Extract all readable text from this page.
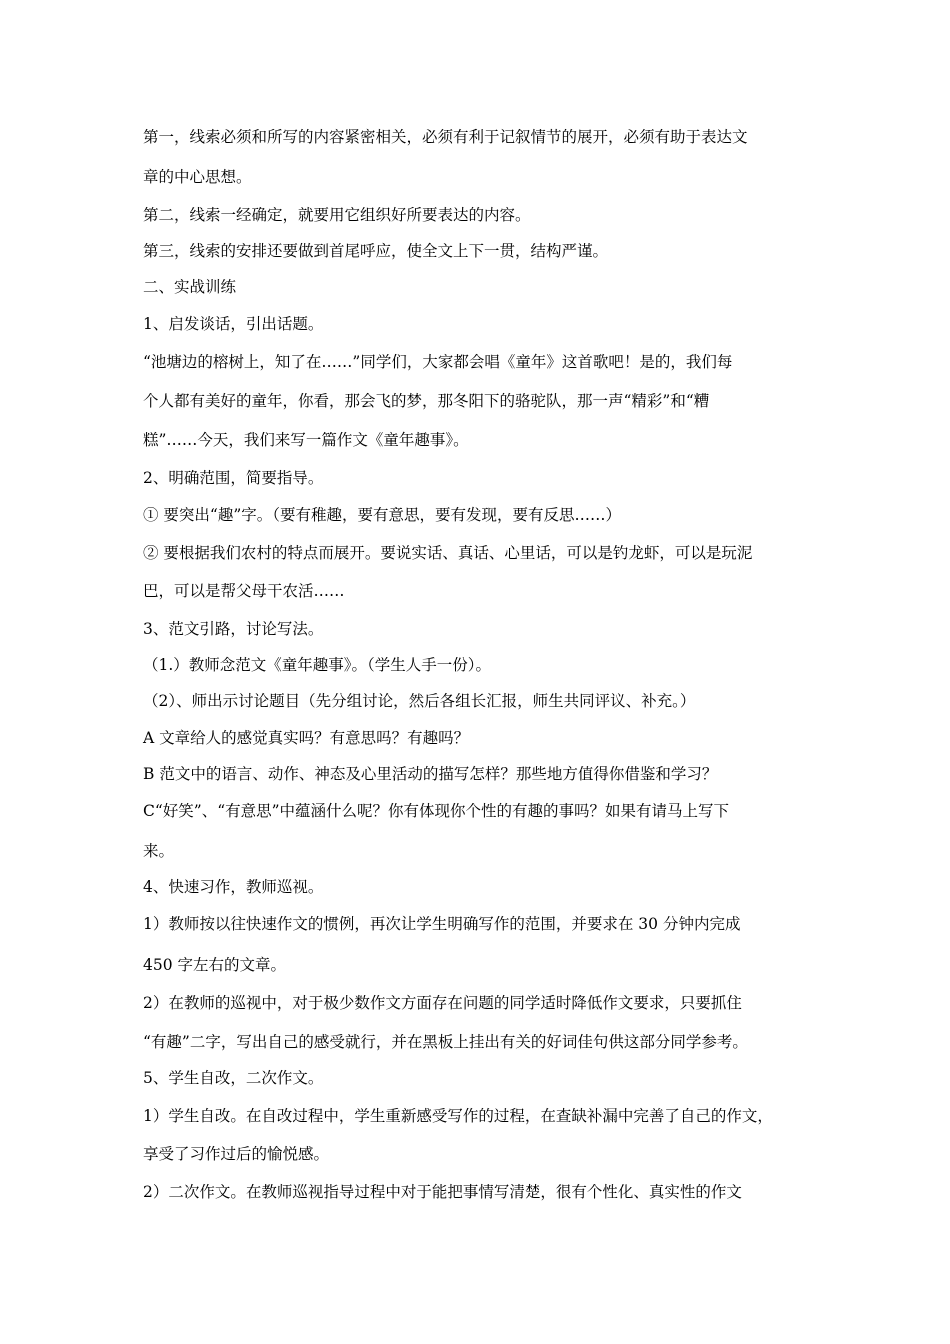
第一，线索必须和所写的内容紧密相关，必须有利于记叙情节的展开，必须有助于表达文
章的中心思想。
第二，线索一经确定，就要用它组织好所要表达的内容。
第三，线索的安排还要做到首尾呼应，使全文上下一贯，结构严谨。
二、实战训练
1、启发谈话，引出话题。
“池塘边的榕树上，知了在……”同学们，大家都会唱《童年》这首歌吧！是的，我们每
个人都有美好的童年，你看，那会飞的梦，那冬阳下的骆驼队，那一声“精彩”和“糟
糕”……今天，我们来写一篇作文《童年趣事》。
2、明确范围，简要指导。
① 要突出“趣”字。（要有稚趣，要有意思，要有发现，要有反思……）
② 要根据我们农村的特点而展开。要说实话、真话、心里话，可以是钓龙虾，可以是玩泥
巴，可以是帮父母干农活……
3、范文引路，讨论写法。
（1.）教师念范文《童年趣事》。（学生人手一份）。
（2）、师出示讨论题目（先分组讨论，然后各组长汇报，师生共同评议、补充。）
A 文章给人的感觉真实吗？有意思吗？有趣吗？
B 范文中的语言、动作、神态及心里活动的描写怎样？那些地方值得你借鉴和学习？
C“好笑”、“有意思”中蕴涵什么呢？你有体现你个性的有趣的事吗？如果有请马上写下
来。
4、快速习作，教师巡视。
1）教师按以往快速作文的惯例，再次让学生明确写作的范围，并要求在 30 分钟内完成
450 字左右的文章。
2）在教师的巡视中，对于极少数作文方面存在问题的同学适时降低作文要求，只要抓住
“有趣”二字，写出自己的感受就行，并在黑板上挂出有关的好词佳句供这部分同学参考。
5、学生自改，二次作文。
1）学生自改。在自改过程中，学生重新感受写作的过程，在查缺补漏中完善了自己的作文，
享受了习作过后的愉悦感。
2）二次作文。在教师巡视指导过程中对于能把事情写清楚，很有个性化、真实性的作文
